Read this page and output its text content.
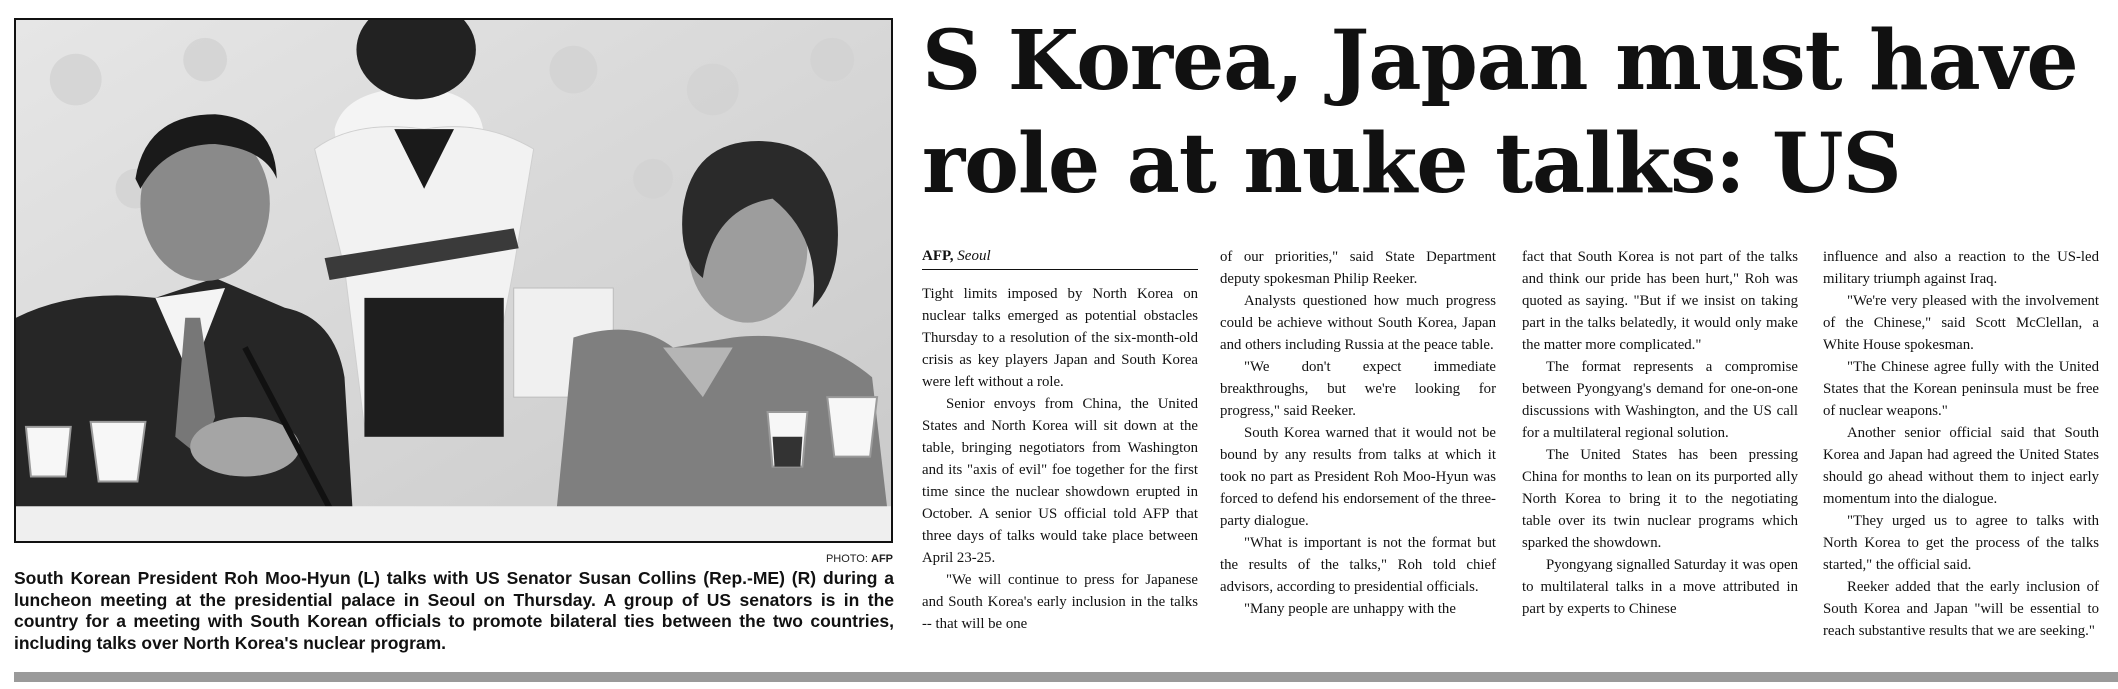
PHOTO: AFP
South Korean President Roh Moo-Hyun (L) talks with US Senator Susan Collins (Rep.-ME) (R) during a luncheon meeting at the presidential palace in Seoul on Thursday. A group of US senators is in the country for a meeting with South Korean officials to promote bilateral ties between the two countries, including talks over North Korea's nuclear program.
S Korea, Japan must have role at nuke talks: US
AFP, Seoul

Tight limits imposed by North Korea on nuclear talks emerged as potential obstacles Thursday to a resolution of the six-month-old crisis as key players Japan and South Korea were left without a role.

Senior envoys from China, the United States and North Korea will sit down at the table, bringing negotiators from Washington and its "axis of evil" foe together for the first time since the nuclear showdown erupted in October. A senior US official told AFP that three days of talks would take place between April 23-25.

"We will continue to press for Japanese and South Korea's early inclusion in the talks -- that will be one

of our priorities," said State Department deputy spokesman Philip Reeker.

Analysts questioned how much progress could be achieve without South Korea, Japan and others including Russia at the peace table.

"We don't expect immediate breakthroughs, but we're looking for progress," said Reeker.

South Korea warned that it would not be bound by any results from talks at which it took no part as President Roh Moo-Hyun was forced to defend his endorsement of the three-party dialogue.

"What is important is not the format but the results of the talks," Roh told chief advisors, according to presidential officials.

"Many people are unhappy with the

fact that South Korea is not part of the talks and think our pride has been hurt," Roh was quoted as saying. "But if we insist on taking part in the talks belatedly, it would only make the matter more complicated."

The format represents a compromise between Pyongyang's demand for one-on-one discussions with Washington, and the US call for a multilateral regional solution.

The United States has been pressing China for months to lean on its purported ally North Korea to bring it to the negotiating table over its twin nuclear programs which sparked the showdown.

Pyongyang signalled Saturday it was open to multilateral talks in a move attributed in part by experts to Chinese

influence and also a reaction to the US-led military triumph against Iraq.

"We're very pleased with the involvement of the Chinese," said Scott McClellan, a White House spokesman.

"The Chinese agree fully with the United States that the Korean peninsula must be free of nuclear weapons."

Another senior official said that South Korea and Japan had agreed the United States should go ahead without them to inject early momentum into the dialogue.

"They urged us to agree to talks with North Korea to get the process of the talks started," the official said.

Reeker added that the early inclusion of South Korea and Japan "will be essential to reach substantive results that we are seeking."
